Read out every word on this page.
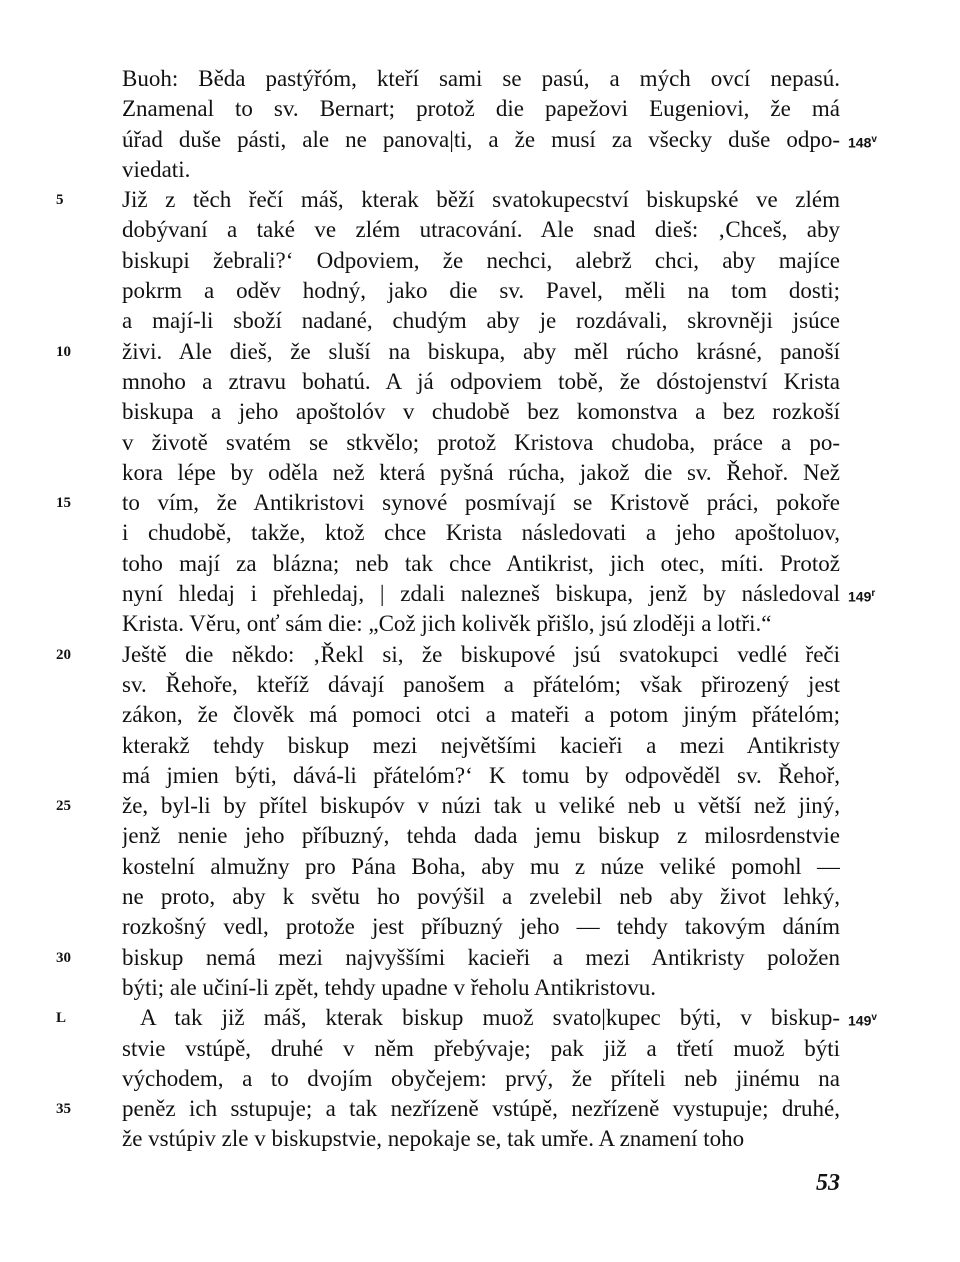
Buoh: Běda pastýřóm, kteří sami se pasú, a mých ovcí nepasú.
Znamenal to sv. Bernart; protož die papežovi Eugeniovi, že má
úřad duše pásti, ale ne panova|ti, a že musí za všecky duše odpo-
viedati.
Již z těch řečí máš, kterak běží svatokupecství biskupské ve zlém
dobývaní a také ve zlém utracování. Ale snad dieš: ‚Chceš, aby
biskupi žebrali?‘ Odpoviem, že nechci, alebrž chci, aby majíce
pokrm a oděv hodný, jako die sv. Pavel, měli na tom dosti;
a mají-li sboží nadané, chudým aby je rozdávali, skrovněji jsúce
živi. Ale dieš, že sluší na biskupa, aby měl rúcho krásné, panoší
mnoho a ztravu bohatú. A já odpoviem tobě, že dóstojenství Krista
biskupa a jeho apoštolóv v chudobě bez komonstva a bez rozkoší
v životě svatém se stkvělo; protož Kristova chudoba, práce a po-
kora lépe by oděla než která pyšná rúcha, jakož die sv. Řehoř. Než
to vím, že Antikristovi synové posmívají se Kristově práci, pokoře
i chudobě, takže, ktož chce Krista následovati a jeho apoštoluov,
toho mají za blázna; neb tak chce Antikrist, jich otec, míti. Protož
nyní hledaj i přehledaj, | zdali nalezneš biskupa, jenž by následoval
Krista. Věru, onť sám die: „Což jich kolivěk přišlo, jsú zloději a lotři.“
Ještě die někdo: ‚Řekl si, že biskupové jsú svatokupci vedlé řeči
sv. Řehoře, kteříž dávají panošem a přátelóm; však přirozený jest
zákon, že člověk má pomoci otci a mateři a potom jiným přátelóm;
kterakž tehdy biskup mezi největšími kacieři a mezi Antikristy
má jmien býti, dává-li přátelóm?‘ K tomu by odpověděl sv. Řehoř,
že, byl-li by přítel biskupóv v núzi tak u veliké neb u větší než jiný,
jenž nenie jeho příbuzný, tehda dada jemu biskup z milosrdenstvie
kostelní almužny pro Pána Boha, aby mu z núze veliké pomohl —
ne proto, aby k světu ho povýšil a zvelebil neb aby život lehký,
rozkošný vedl, protože jest příbuzný jeho — tehdy takovým dáním
biskup nemá mezi najvyššími kacieři a mezi Antikristy položen
býti; ale učiní-li zpět, tehdy upadne v řeholu Antikristovu.
A tak již máš, kterak biskup muož svato|kupec býti, v biskup-
stvie vstúpě, druhé v něm přebývaje; pak již a třetí muož býti
východem, a to dvojím obyčejem: prvý, že příteli neb jinému na
peněz ich sstupuje; a tak nezřízeně vstúpě, nezřízeně vystupuje; druhé,
že vstúpiv zle v biskupstvie, nepokaje se, tak umře. A znamení toho
5
10
15
20
25
30
L
35
148$^v$
149$^r$
149$^v$
53
